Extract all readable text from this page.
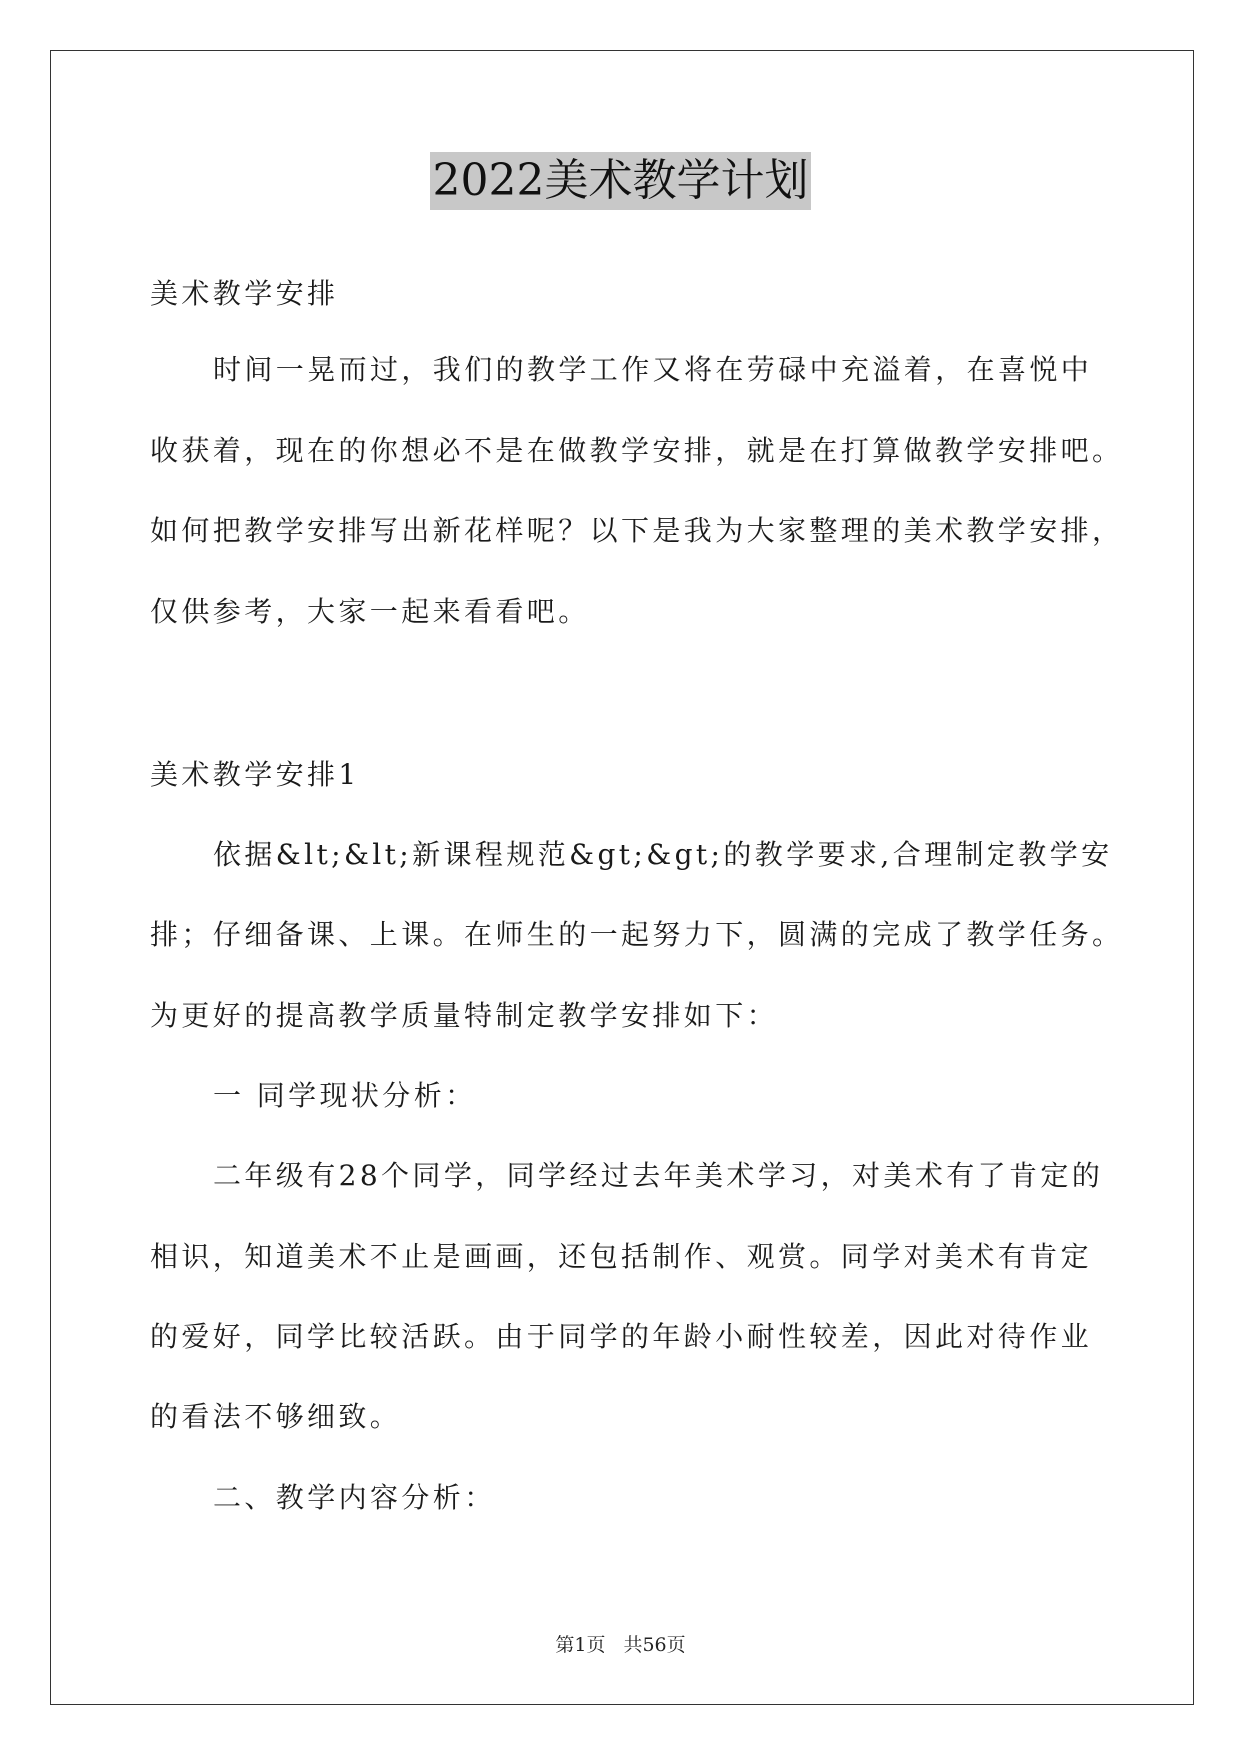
2022美术教学计划
美术教学安排
时间一晃而过，我们的教学工作又将在劳碌中充溢着，在喜悦中
收获着，现在的你想必不是在做教学安排，就是在打算做教学安排吧。
如何把教学安排写出新花样呢？以下是我为大家整理的美术教学安排，
仅供参考，大家一起来看看吧。
美术教学安排1
依据&lt;&lt;新课程规范&gt;&gt;的教学要求,合理制定教学安
排；仔细备课、上课。在师生的一起努力下，圆满的完成了教学任务。
为更好的提高教学质量特制定教学安排如下：
一 同学现状分析：
二年级有28个同学，同学经过去年美术学习，对美术有了肯定的
相识，知道美术不止是画画，还包括制作、观赏。同学对美术有肯定
的爱好，同学比较活跃。由于同学的年龄小耐性较差，因此对待作业
的看法不够细致。
二、教学内容分析：
第1页 共56页
